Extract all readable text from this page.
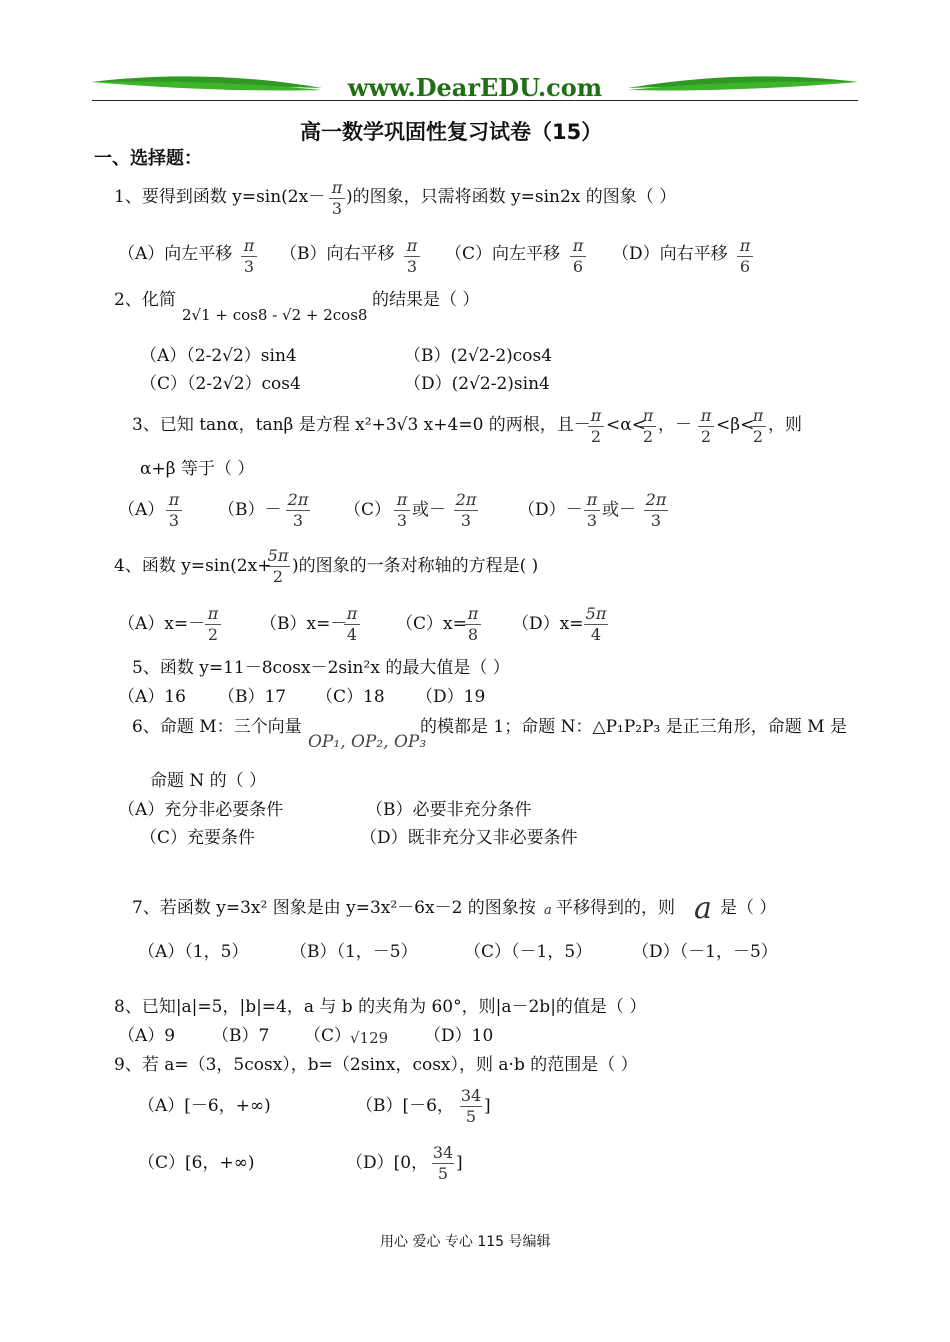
www.DearEDU.com
高一数学巩固性复习试卷（15）
一、选择题：
1、要得到函数 y=sin(2x－ π
3
)的图象，只需将函数 y=sin2x 的图象（ ）
（A）向左平移 π
3
（B）向右平移 π
3
（C）向左平移 π
6
（D）向右平移 π
6
2、化简
2√1 + cos8 - √2 + 2cos8
的结果是（ ）
（A）（2-2√2）sin4	（B）(2√2-2)cos4
（C）（2-2√2）cos4	（D）(2√2-2)sin4
3、已知 tanα，tanβ 是方程 x²+3√3 x+4=0 的两根，且－ π
2
<α<
π
2
，－ π
2
<β<
π
2
，则
α+β 等于（ ）
（A）
π
3
（B）－
2π
3
（C）
π
3
或－
2π
3
（D）－
π
3
或－
2π
3
4、函数 y=sin(2x+
5π
2
)的图象的一条对称轴的方程是( )
（A）x=－
π
2
（B）x=－
π
4
（C）x=
π
8
（D）x=
5π
4
5、函数 y=11－8cosx－2sin²x 的最大值是（ ）
（A）16 （B）17 （C）18 （D）19
6、命题 M：三个向量
OP₁, OP₂, OP₃
的模都是 1；命题 N：△P₁P₂P₃ 是正三角形，命题 M 是
命题 N 的（ ）
（A）充分非必要条件	（B）必要非充分条件
（C）充要条件	（D）既非充分又非必要条件
7、若函数 y=3x² 图象是由 y=3x²－6x－2 的图象按 a 平移得到的，则 a 是（ ）
（A）（1，5） （B）（1，－5）	（C）（－1，5） （D）（－1，－5）
8、已知|a|=5，|b|=4，a 与 b 的夹角为 60°，则|a－2b|的值是（ ）
（A）9 （B）7 （C）
√129 （D）10
9、若 a=（3，5cosx），b=（2sinx，cosx），则 a·b 的范围是（ ）
（A）[－6，+∞)	（B）[－6，
34
5
]
（C）[6，+∞)	（D）[0，
34
5
]
用心 爱心 专心 115 号编辑
